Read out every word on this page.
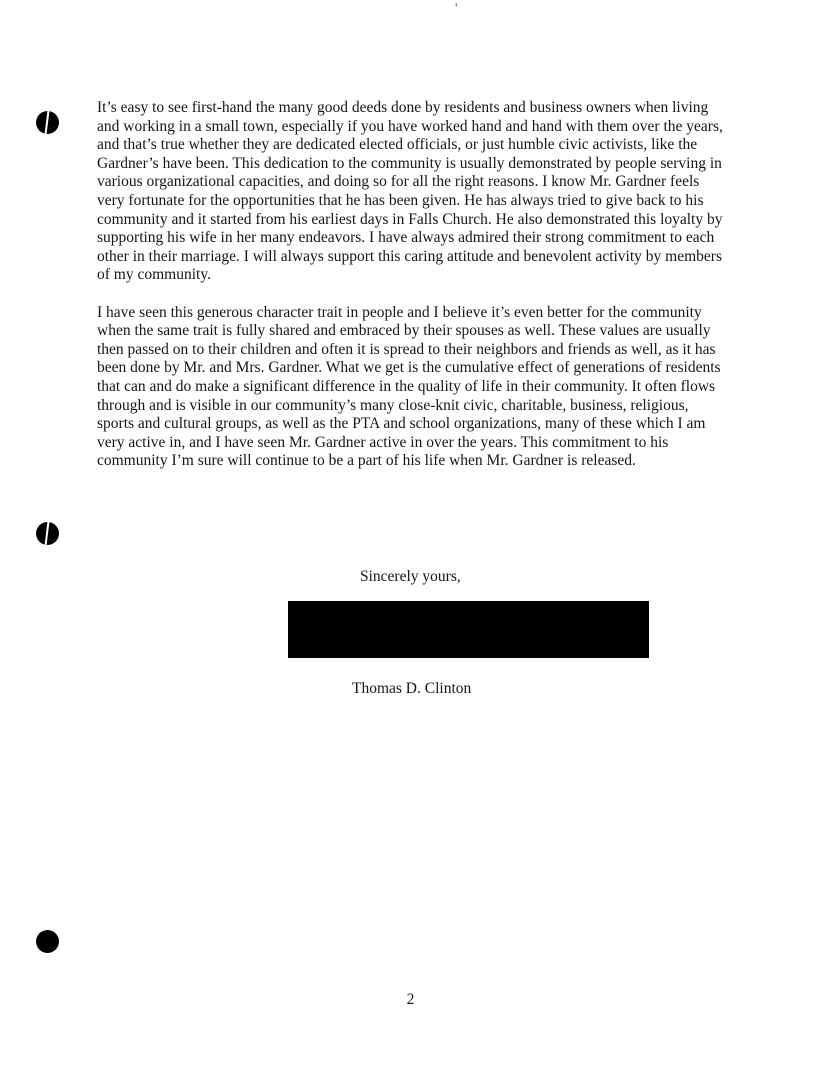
'

It’s easy to see first-hand the many good deeds done by residents and business owners when living and working in a small town, especially if you have worked hand and hand with them over the years, and that’s true whether they are dedicated elected officials, or just humble civic activists, like the Gardner’s have been. This dedication to the community is usually demonstrated by people serving in various organizational capacities, and doing so for all the right reasons. I know Mr. Gardner feels very fortunate for the opportunities that he has been given. He has always tried to give back to his community and it started from his earliest days in Falls Church. He also demonstrated this loyalty by supporting his wife in her many endeavors. I have always admired their strong commitment to each other in their marriage. I will always support this caring attitude and benevolent activity by members of my community.

I have seen this generous character trait in people and I believe it’s even better for the community when the same trait is fully shared and embraced by their spouses as well. These values are usually then passed on to their children and often it is spread to their neighbors and friends as well, as it has been done by Mr. and Mrs. Gardner. What we get is the cumulative effect of generations of residents that can and do make a significant difference in the quality of life in their community. It often flows through and is visible in our community’s many close-knit civic, charitable, business, religious, sports and cultural groups, as well as the PTA and school organizations, many of these which I am very active in, and I have seen Mr. Gardner active in over the years. This commitment to his community I’m sure will continue to be a part of his life when Mr. Gardner is released.

Sincerely yours,
Thomas D. Clinton
2
